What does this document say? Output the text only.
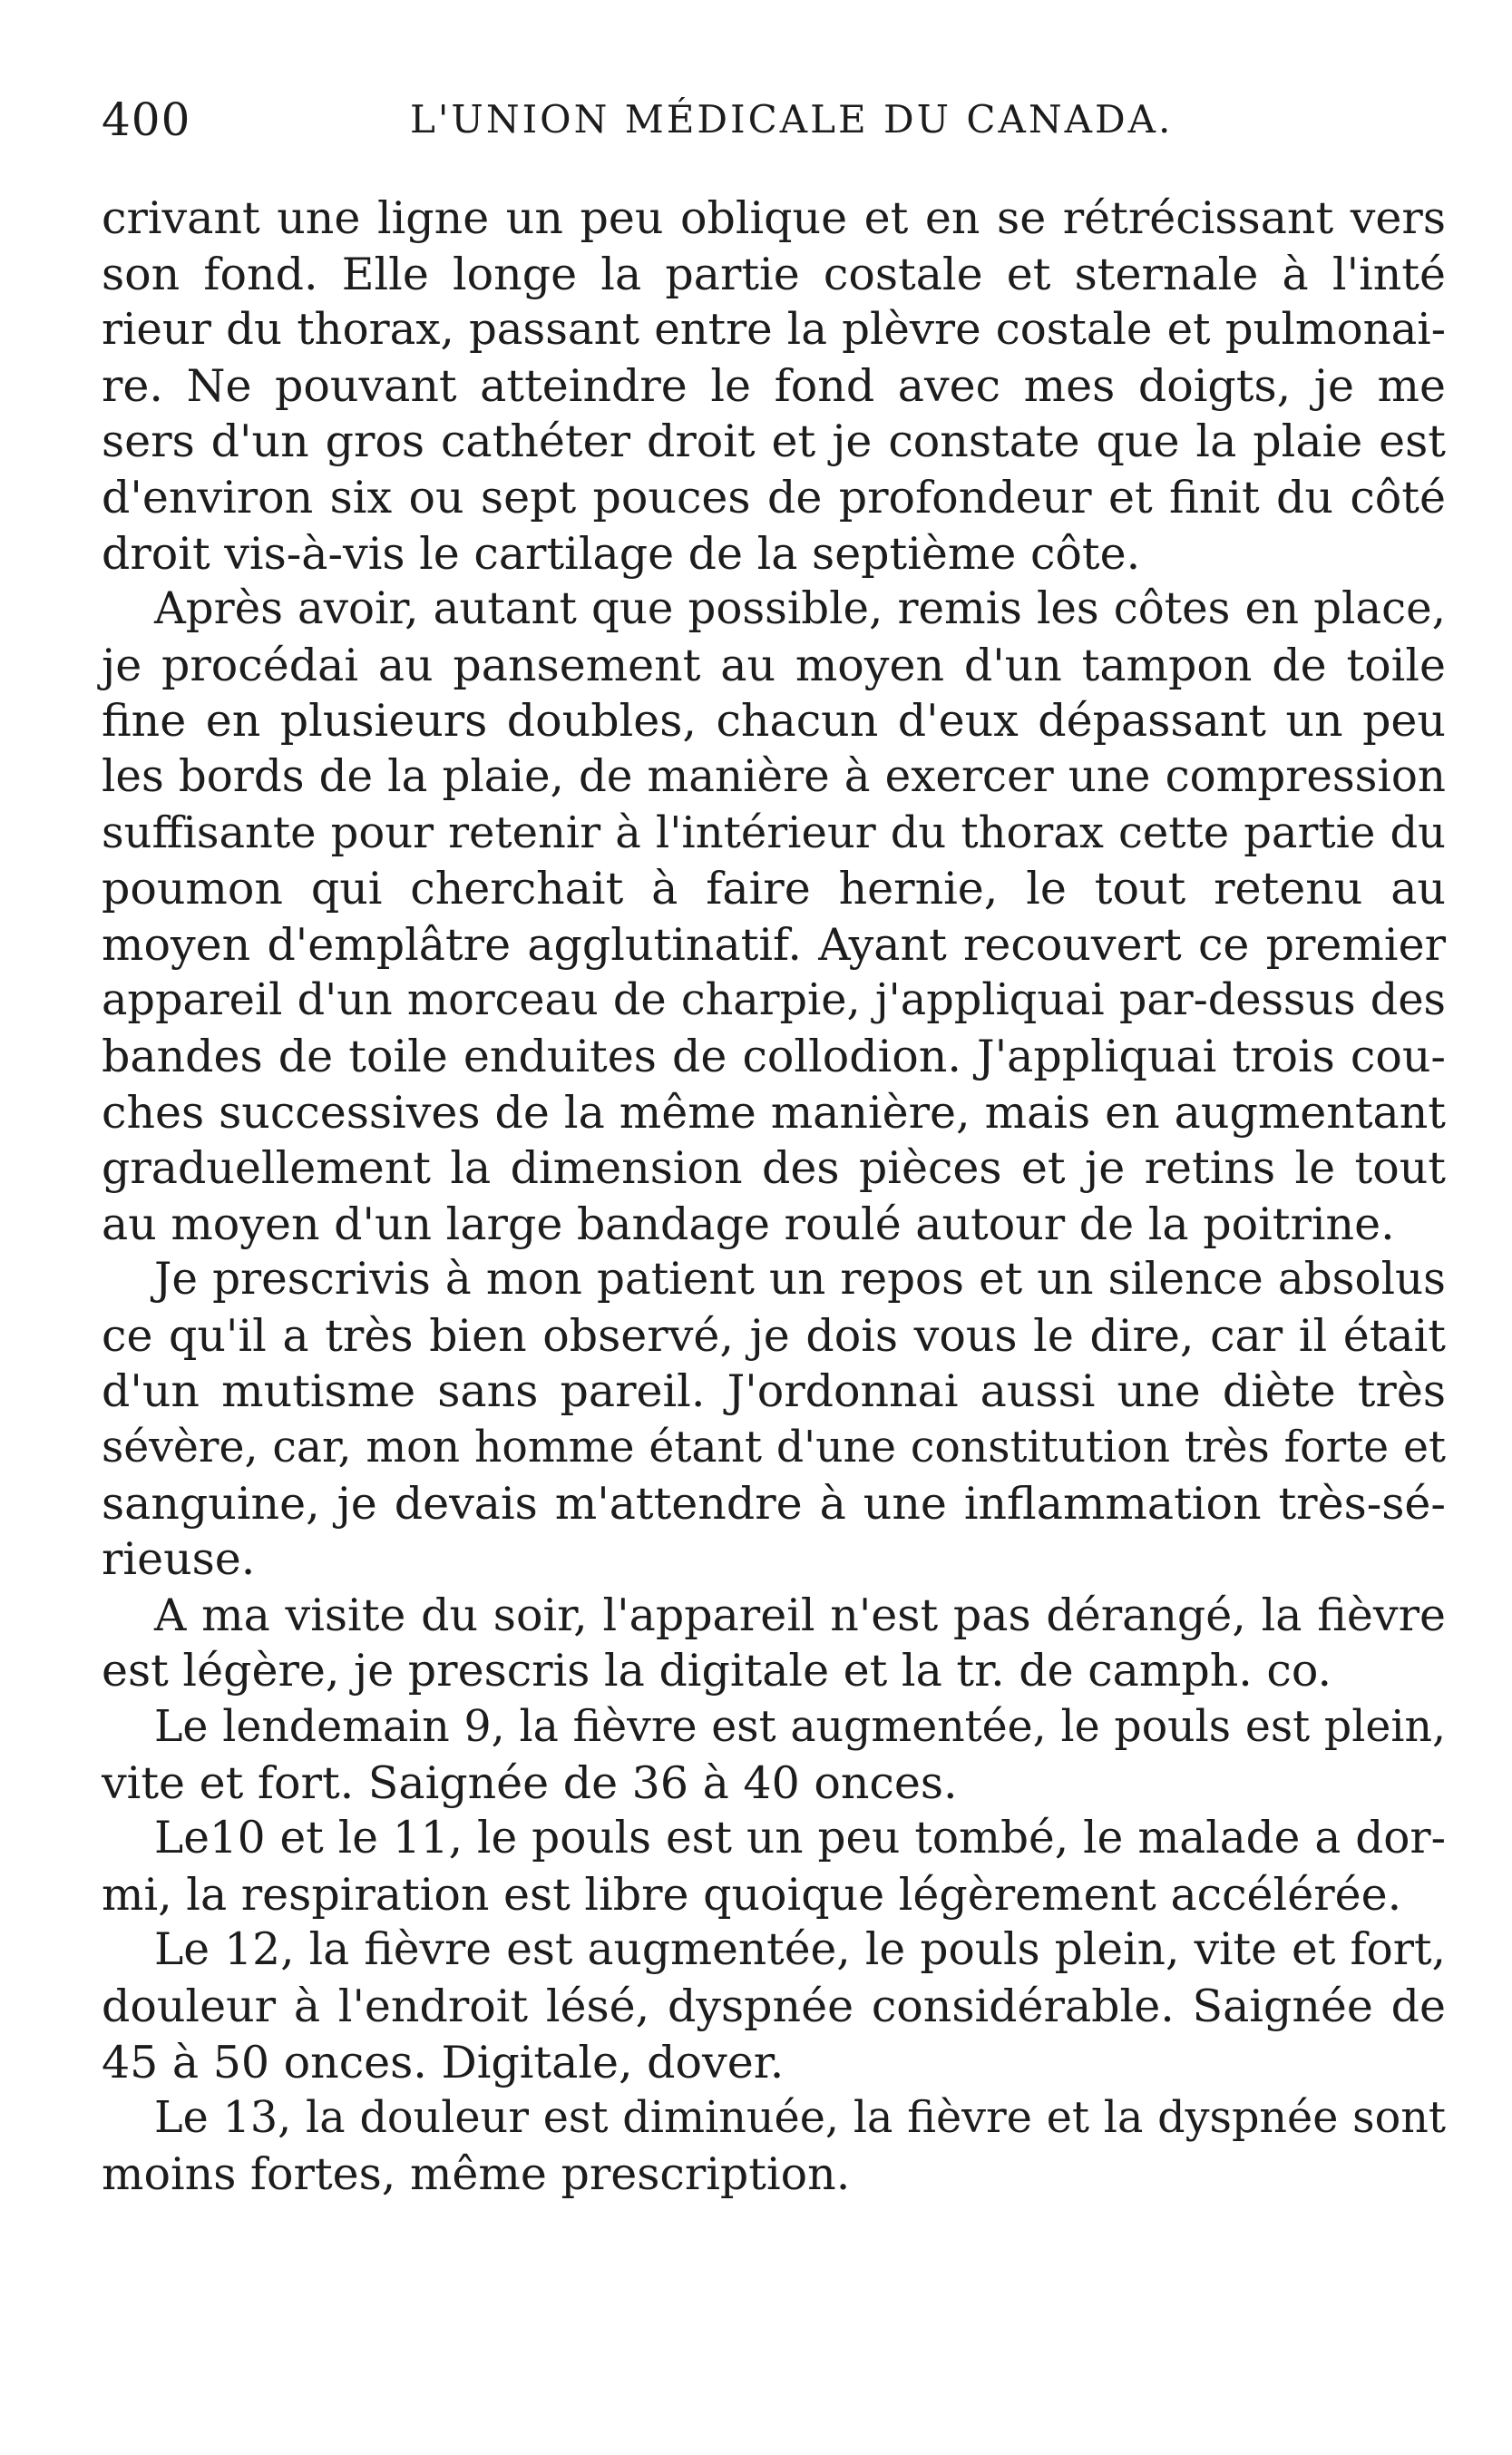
400	L'UNION MÉDICALE DU CANADA.
crivant une ligne un peu oblique et en se rétrécissant vers
son fond. Elle longe la partie costale et sternale à l'inté
rieur du thorax, passant entre la plèvre costale et pulmonai-
re. Ne pouvant atteindre le fond avec mes doigts, je me
sers d'un gros cathéter droit et je constate que la plaie est
d'environ six ou sept pouces de profondeur et finit du côté
droit vis-à-vis le cartilage de la septième côte.
Après avoir, autant que possible, remis les côtes en place,
je procédai au pansement au moyen d'un tampon de toile
fine en plusieurs doubles, chacun d'eux dépassant un peu
les bords de la plaie, de manière à exercer une compression
suffisante pour retenir à l'intérieur du thorax cette partie du
poumon qui cherchait à faire hernie, le tout retenu au
moyen d'emplâtre agglutinatif. Ayant recouvert ce premier
appareil d'un morceau de charpie, j'appliquai par-dessus des
bandes de toile enduites de collodion. J'appliquai trois cou-
ches successives de la même manière, mais en augmentant
graduellement la dimension des pièces et je retins le tout
au moyen d'un large bandage roulé autour de la poitrine.
Je prescrivis à mon patient un repos et un silence absolus
ce qu'il a très bien observé, je dois vous le dire, car il était
d'un mutisme sans pareil. J'ordonnai aussi une diète très
sévère, car, mon homme étant d'une constitution très forte et
sanguine, je devais m'attendre à une inflammation très-sé-
rieuse.
A ma visite du soir, l'appareil n'est pas dérangé, la fièvre
est légère, je prescris la digitale et la tr. de camph. co.
Le lendemain 9, la fièvre est augmentée, le pouls est plein,
vite et fort. Saignée de 36 à 40 onces.
Le10 et le 11, le pouls est un peu tombé, le malade a dor-
mi, la respiration est libre quoique légèrement accélérée.
Le 12, la fièvre est augmentée, le pouls plein, vite et fort,
douleur à l'endroit lésé, dyspnée considérable. Saignée de
45 à 50 onces. Digitale, dover.
Le 13, la douleur est diminuée, la fièvre et la dyspnée sont
moins fortes, même prescription.
